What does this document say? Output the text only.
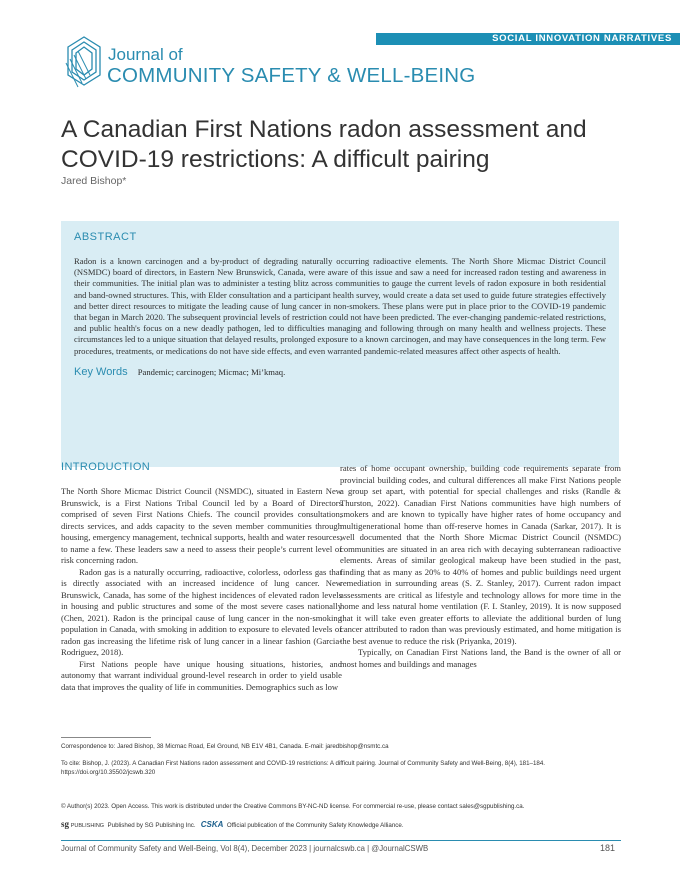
SOCIAL INNOVATION NARRATIVES
Journal of
COMMUNITY SAFETY & WELL-BEING
A Canadian First Nations radon assessment and COVID-19 restrictions: A difficult pairing
Jared Bishop*
ABSTRACT
Radon is a known carcinogen and a by-product of degrading naturally occurring radioactive elements. The North Shore Micmac District Council (NSMDC) board of directors, in Eastern New Brunswick, Canada, were aware of this issue and saw a need for increased radon testing and awareness in their communities. The initial plan was to administer a testing blitz across communities to gauge the current levels of radon exposure in both residential and band-owned structures. This, with Elder consultation and a participant health survey, would create a data set used to guide future strategies effectively and better direct resources to mitigate the leading cause of lung cancer in non-smokers. These plans were put in place prior to the COVID-19 pandemic that began in March 2020. The subsequent provincial levels of restriction could not have been predicted. The ever-changing pandemic-related restrictions, and public health's focus on a new deadly pathogen, led to difficulties managing and following through on many health and wellness projects. These circumstances led to a unique situation that delayed results, prolonged exposure to a known carcinogen, and may have consequences in the long term. Few procedures, treatments, or medications do not have side effects, and even warranted pandemic-related measures affect other aspects of health.
Key Words Pandemic; carcinogen; Micmac; Mi’kmaq.
INTRODUCTION

The North Shore Micmac District Council (NSMDC), situated in Eastern New Brunswick, is a First Nations Tribal Council led by a Board of Directors comprised of seven First Nations Chiefs. The council provides consultation, directs services, and adds capacity to the seven member communities through housing, emergency management, technical supports, health and water resources, to name a few. These leaders saw a need to assess their people’s current level of risk concerning radon.

Radon gas is a naturally occurring, radioactive, colorless, odorless gas that is directly associated with an increased incidence of lung cancer. New Brunswick, Canada, has some of the highest incidences of elevated radon levels in housing and public structures and some of the most severe cases nationally (Chen, 2021). Radon is the principal cause of lung cancer in the non-smoking population in Canada, with smoking in addition to exposure to elevated levels of radon gas increasing the lifetime risk of lung cancer in a linear fashion (Garcia-Rodriguez, 2018).

First Nations people have unique housing situations, histories, and autonomy that warrant individual ground-level research in order to yield usable data that improves the quality of life in communities. Demographics such as low

rates of home occupant ownership, building code requirements separate from provincial building codes, and cultural differences all make First Nations people a group set apart, with potential for special challenges and risks (Randle & Thurston, 2022). Canadian First Nations communities have high numbers of smokers and are known to typically have higher rates of home occupancy and multigenerational home than off-reserve homes in Canada (Sarkar, 2017). It is well documented that the North Shore Micmac District Council (NSMDC) communities are situated in an area rich with decaying subterranean radioactive elements. Areas of similar geological makeup have been studied in the past, finding that as many as 20% to 40% of homes and public buildings need urgent remediation in surrounding areas (S. Z. Stanley, 2017). Current radon impact assessments are critical as lifestyle and technology allows for more time in the home and less natural home ventilation (F. I. Stanley, 2019). It is now supposed that it will take even greater efforts to alleviate the additional burden of lung cancer attributed to radon than was previously estimated, and home mitigation is the best avenue to reduce the risk (Priyanka, 2019).

Typically, on Canadian First Nations land, the Band is the owner of all or most homes and buildings and manages

Correspondence to: Jared Bishop, 38 Micmac Road, Eel Ground, NB E1V 4B1, Canada. E-mail: jaredbishop@nsmtc.ca
To cite: Bishop, J. (2023). A Canadian First Nations radon assessment and COVID-19 restrictions: A difficult pairing. Journal of Community Safety and Well-Being, 8(4), 181–184. https://doi.org/10.35502/jcswb.320
© Author(s) 2023. Open Access. This work is distributed under the Creative Commons BY-NC-ND license. For commercial re-use, please contact sales@sgpublishing.ca.
sg PUBLISHING Published by SG Publishing Inc. CSKA Official publication of the Community Safety Knowledge Alliance.
Journal of Community Safety and Well-Being, Vol 8(4), December 2023 | journalcswb.ca | @JournalCSWB	181
